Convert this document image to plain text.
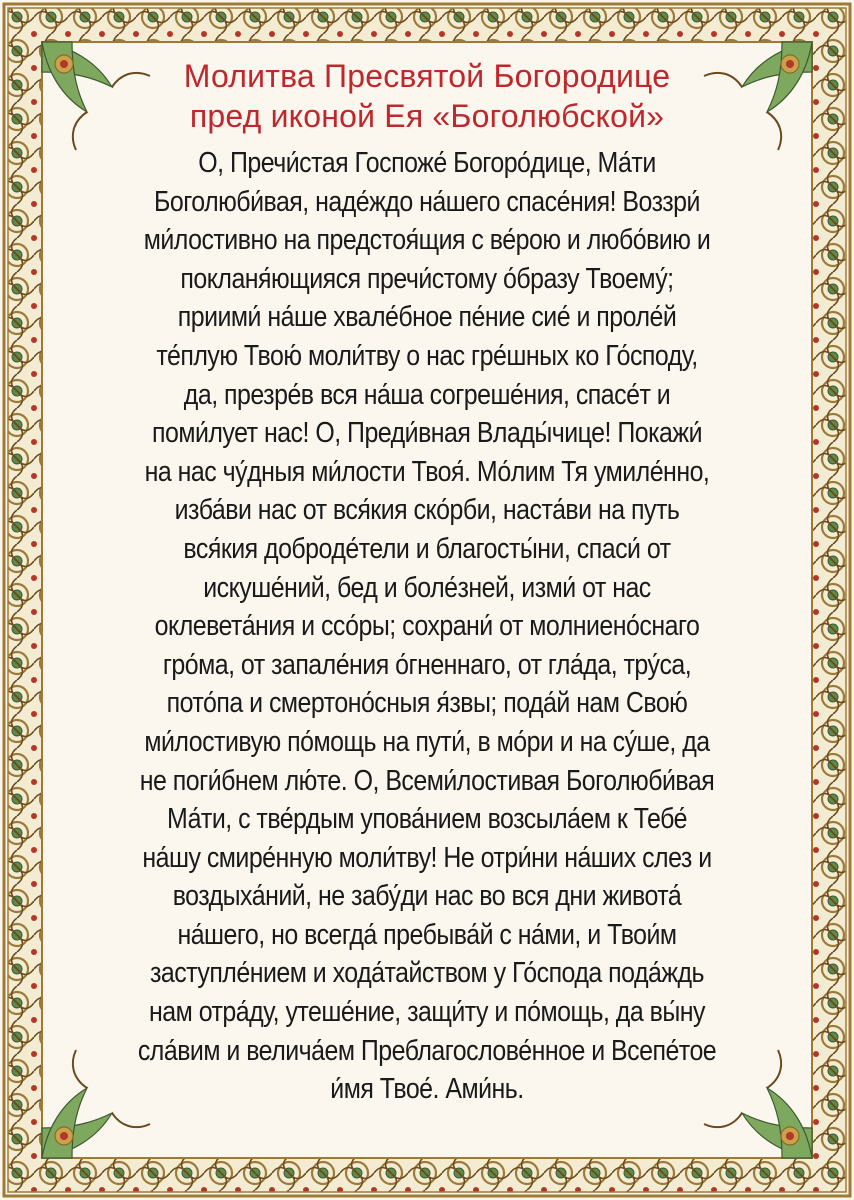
Молитва Пресвятой Богородице
пред иконой Ея «Боголюбской»
О, Пречи́стая Госпоже́ Богоро́дице, Ма́ти
Боголюби́вая, наде́ждо на́шего спасе́ния! Воззри́
ми́лостивно на предстоя́щия с ве́рою и любо́вию и
покланя́ющияся пречи́стому о́бразу Твоему́;
приими́ на́ше хвале́бное пе́ние сие́ и проле́й
те́плую Твою́ моли́тву о нас гре́шных ко Го́споду,
да, презре́в вся на́ша согреше́ния, спасе́т и
поми́лует нас! О, Преди́вная Влады́чице! Покажи́
на нас чу́дныя ми́лости Твоя́. Мо́лим Тя умиле́нно,
изба́ви нас от вся́кия ско́рби, наста́ви на путь
вся́кия доброде́тели и благосты́ни, спаси́ от
искуше́ний, бед и боле́зней, изми́ от нас
оклевета́ния и ссо́ры; сохрани́ от молниено́снаго
гро́ма, от запале́ния о́гненнаго, от гла́да, тру́са,
пото́па и смертоно́сныя я́звы; пода́й нам Свою́
ми́лостивую по́мощь на пути́, в мо́ри и на су́ше, да
не поги́бнем лю́те. О, Всеми́лостивая Боголюби́вая
Ма́ти, с тве́рдым упова́нием возсыла́ем к Тебе́
на́шу смире́нную моли́тву! Не отри́ни на́ших слез и
воздыха́ний, не забу́ди нас во вся дни живота́
на́шего, но всегда́ пребыва́й с на́ми, и Твои́м
заступле́нием и хода́тайством у Го́спода пода́ждь
нам отра́ду, утеше́ние, защи́ту и по́мощь, да вы́ну
сла́вим и велича́ем Преблагослове́нное и Всепе́тое
и́мя Твое́. Ами́нь.
